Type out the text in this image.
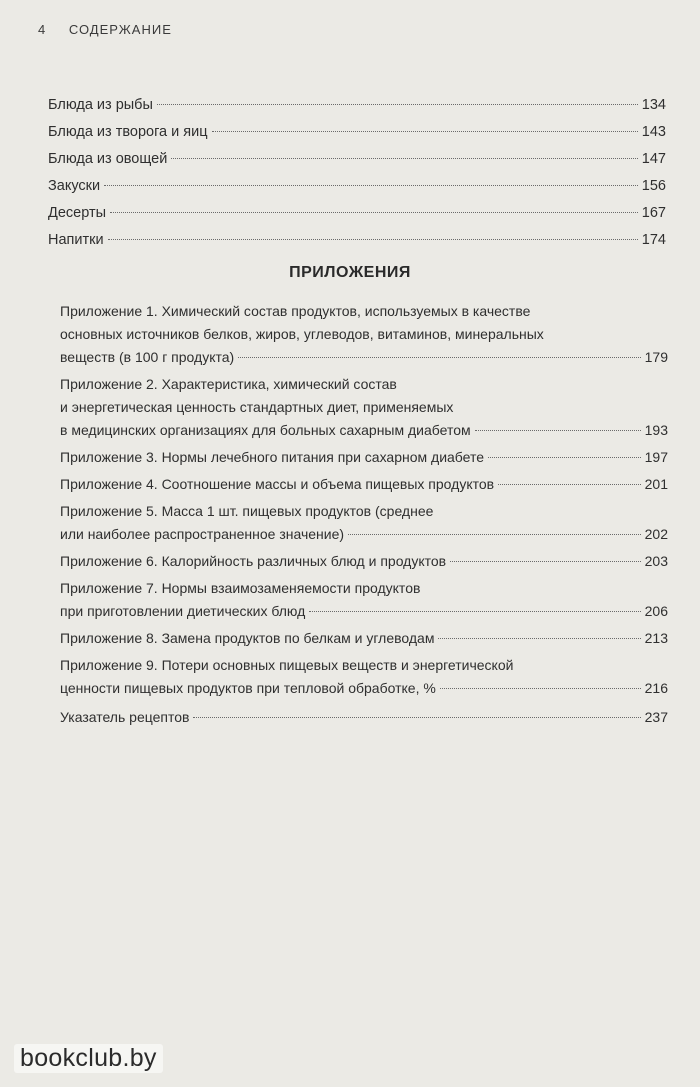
4 СОДЕРЖАНИЕ
Блюда из рыбы	134
Блюда из творога и яиц	143
Блюда из овощей	147
Закуски	156
Десерты	167
Напитки	174
ПРИЛОЖЕНИЯ
Приложение 1. Химический состав продуктов, используемых в качестве
основных источников белков, жиров, углеводов, витаминов, минеральных
веществ (в 100 г продукта)	179
Приложение 2. Характеристика, химический состав
и энергетическая ценность стандартных диет, применяемых
в медицинских организациях для больных сахарным диабетом	193
Приложение 3. Нормы лечебного питания при сахарном диабете	197
Приложение 4. Соотношение массы и объема пищевых продуктов	201
Приложение 5. Масса 1 шт. пищевых продуктов (среднее
или наиболее распространенное значение)	202
Приложение 6. Калорийность различных блюд и продуктов	203
Приложение 7. Нормы взаимозаменяемости продуктов
при приготовлении диетических блюд	206
Приложение 8. Замена продуктов по белкам и углеводам	213
Приложение 9. Потери основных пищевых веществ и энергетической
ценности пищевых продуктов при тепловой обработке, %	216
Указатель рецептов	237
bookclub.by
